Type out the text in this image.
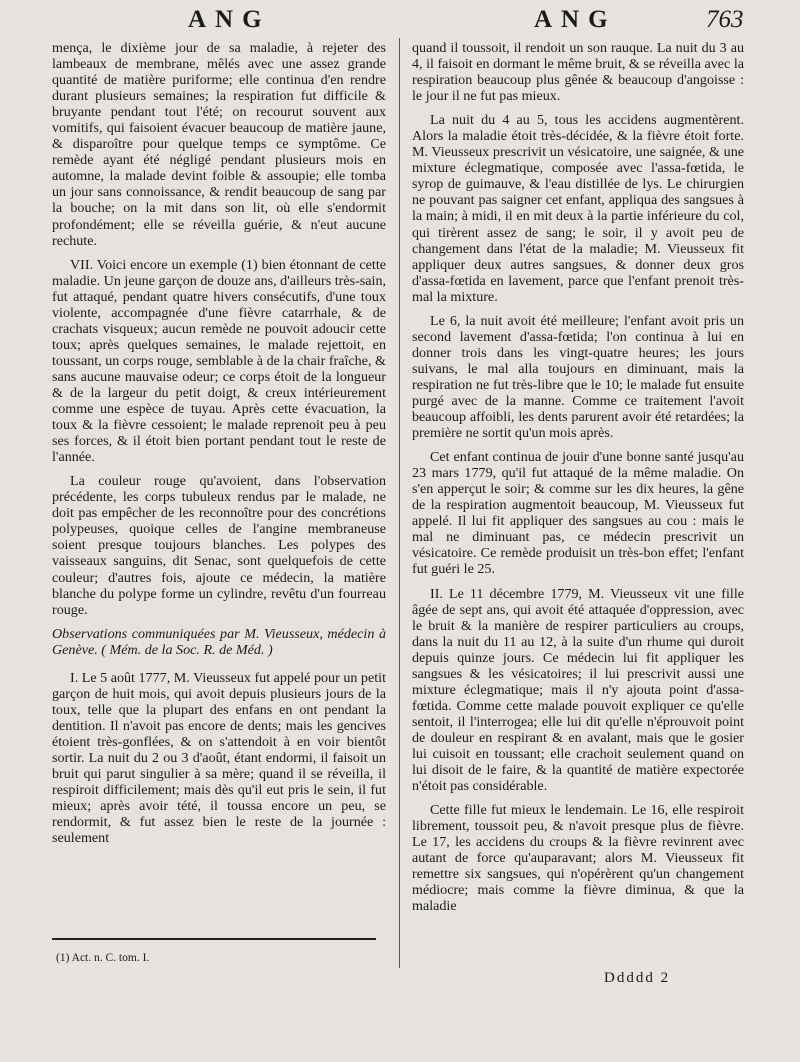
ANG	ANG	763

mença, le dixième jour de sa maladie, à rejeter des lambeaux de membrane, mêlés avec une assez grande quantité de matière puriforme; elle continua d'en rendre durant plusieurs semaines; la respiration fut difficile & bruyante pendant tout l'été; on recourut souvent aux vomitifs, qui faisoient évacuer beaucoup de matière jaune, & disparoître pour quelque temps ce symptôme. Ce remède ayant été négligé pendant plusieurs mois en automne, la malade devint foible & assoupie; elle tomba un jour sans connoissance, & rendit beaucoup de sang par la bouche; on la mit dans son lit, où elle s'endormit profondément; elle se réveilla guérie, & n'eut aucune rechute.

VII. Voici encore un exemple (1) bien étonnant de cette maladie. Un jeune garçon de douze ans, d'ailleurs très-sain, fut attaqué, pendant quatre hivers consécutifs, d'une toux violente, accompagnée d'une fièvre catarrhale, & de crachats visqueux; aucun remède ne pouvoit adoucir cette toux; après quelques semaines, le malade rejettoit, en toussant, un corps rouge, semblable à de la chair fraîche, & sans aucune mauvaise odeur; ce corps étoit de la longueur & de la largeur du petit doigt, & creux intérieurement comme une espèce de tuyau. Après cette évacuation, la toux & la fièvre cessoient; le malade reprenoit peu à peu ses forces, & il étoit bien portant pendant tout le reste de l'année.

La couleur rouge qu'avoient, dans l'observation précédente, les corps tubuleux rendus par le malade, ne doit pas empêcher de les reconnoître pour des concrétions polypeuses, quoique celles de l'angine membraneuse soient presque toujours blanches. Les polypes des vaisseaux sanguins, dit Senac, sont quelquefois de cette couleur; d'autres fois, ajoute ce médecin, la matière blanche du polype forme un cylindre, revêtu d'un fourreau rouge.

Observations communiquées par M. Vieusseux, médecin à Genève. ( Mém. de la Soc. R. de Méd. )

I. Le 5 août 1777, M. Vieusseux fut appelé pour un petit garçon de huit mois, qui avoit depuis plusieurs jours de la toux, telle que la plupart des enfans en ont pendant la dentition. Il n'avoit pas encore de dents; mais les gencives étoient très-gonflées, & on s'attendoit à en voir bientôt sortir. La nuit du 2 ou 3 d'août, étant endormi, il faisoit un bruit qui parut singulier à sa mère; quand il se réveilla, il respiroit difficilement; mais dès qu'il eut pris le sein, il fut mieux; après avoir tété, il toussa encore un peu, se rendormit, & fut assez bien le reste de la journée : seulement

quand il toussoit, il rendoit un son rauque. La nuit du 3 au 4, il faisoit en dormant le même bruit, & se réveilla avec la respiration beaucoup plus gênée & beaucoup d'angoisse : le jour il ne fut pas mieux.

La nuit du 4 au 5, tous les accidens augmentèrent. Alors la maladie étoit très-décidée, & la fièvre étoit forte. M. Vieusseux prescrivit un vésicatoire, une saignée, & une mixture éclegmatique, composée avec l'assa-fœtida, le syrop de guimauve, & l'eau distillée de lys. Le chirurgien ne pouvant pas saigner cet enfant, appliqua des sangsues à la main; à midi, il en mit deux à la partie inférieure du col, qui tirèrent assez de sang; le soir, il y avoit peu de changement dans l'état de la maladie; M. Vieusseux fit appliquer deux autres sangsues, & donner deux gros d'assa-fœtida en lavement, parce que l'enfant prenoit très-mal la mixture.

Le 6, la nuit avoit été meilleure; l'enfant avoit pris un second lavement d'assa-fœtida; l'on continua à lui en donner trois dans les vingt-quatre heures; les jours suivans, le mal alla toujours en diminuant, mais la respiration ne fut très-libre que le 10; le malade fut ensuite purgé avec de la manne. Comme ce traitement l'avoit beaucoup affoibli, les dents parurent avoir été retardées; la première ne sortit qu'un mois après.

Cet enfant continua de jouir d'une bonne santé jusqu'au 23 mars 1779, qu'il fut attaqué de la même maladie. On s'en apperçut le soir; & comme sur les dix heures, la gêne de la respiration augmentoit beaucoup, M. Vieusseux fut appelé. Il lui fit appliquer des sangsues au cou : mais le mal ne diminuant pas, ce médecin prescrivit un vésicatoire. Ce remède produisit un très-bon effet; l'enfant fut guéri le 25.

II. Le 11 décembre 1779, M. Vieusseux vit une fille âgée de sept ans, qui avoit été attaquée d'oppression, avec le bruit & la manière de respirer particuliers au croups, dans la nuit du 11 au 12, à la suite d'un rhume qui duroit depuis quinze jours. Ce médecin lui fit appliquer les sangsues & les vésicatoires; il lui prescrivit aussi une mixture éclegmatique; mais il n'y ajouta point d'assa-fœtida. Comme cette malade pouvoit expliquer ce qu'elle sentoit, il l'interrogea; elle lui dit qu'elle n'éprouvoit point de douleur en respirant & en avalant, mais que le gosier lui cuisoit en toussant; elle crachoit seulement quand on lui disoit de le faire, & la quantité de matière expectorée n'étoit pas considérable.

Cette fille fut mieux le lendemain. Le 16, elle respiroit librement, toussoit peu, & n'avoit presque plus de fièvre. Le 17, les accidens du croups & la fièvre revinrent avec autant de force qu'auparavant; alors M. Vieusseux fit remettre six sangsues, qui n'opérèrent qu'un changement médiocre; mais comme la fièvre diminua, & que la maladie

(1) Act. n. C. tom. I.
Ddddd 2
